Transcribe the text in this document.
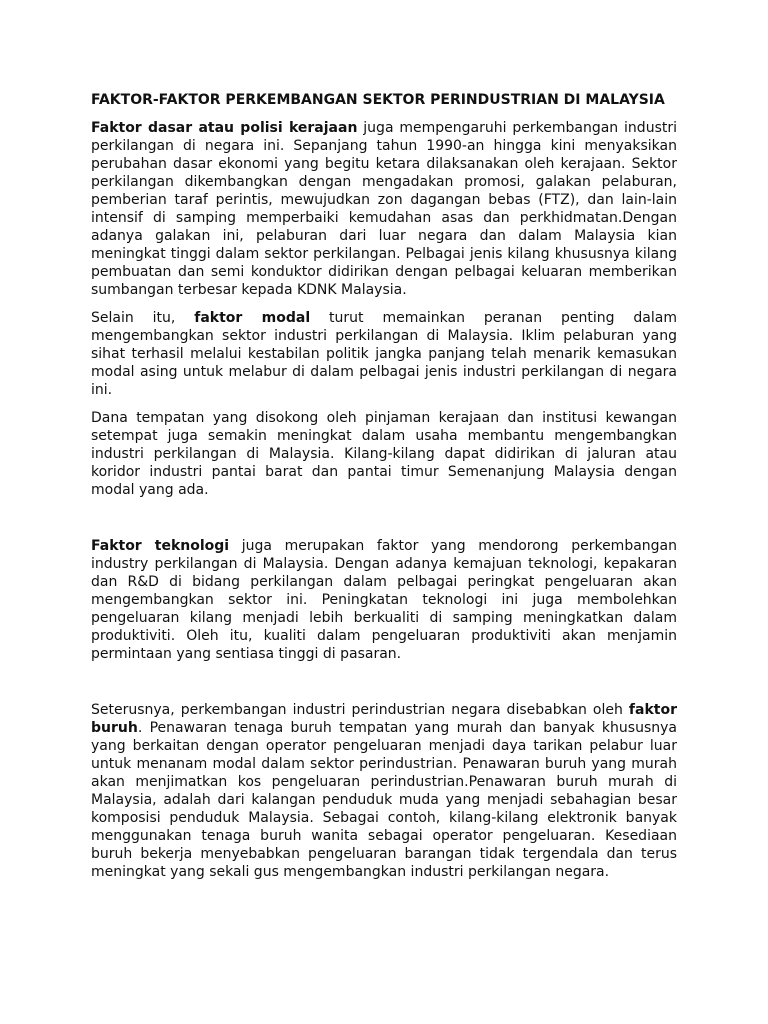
FAKTOR-FAKTOR PERKEMBANGAN SEKTOR PERINDUSTRIAN DI MALAYSIA

Faktor dasar atau polisi kerajaan juga mempengaruhi perkembangan industri perkilangan di negara ini. Sepanjang tahun 1990-an hingga kini menyaksikan perubahan dasar ekonomi yang begitu ketara dilaksanakan oleh kerajaan. Sektor perkilangan dikembangkan dengan mengadakan promosi, galakan pelaburan, pemberian taraf perintis, mewujudkan zon dagangan bebas (FTZ), dan lain-lain intensif di samping memperbaiki kemudahan asas dan perkhidmatan.Dengan adanya galakan ini, pelaburan dari luar negara dan dalam Malaysia kian meningkat tinggi dalam sektor perkilangan. Pelbagai jenis kilang khususnya kilang pembuatan dan semi konduktor didirikan dengan pelbagai keluaran memberikan sumbangan terbesar kepada KDNK Malaysia.

Selain itu, faktor modal turut memainkan peranan penting dalam mengembangkan sektor industri perkilangan di Malaysia. Iklim pelaburan yang sihat terhasil melalui kestabilan politik jangka panjang telah menarik kemasukan modal asing untuk melabur di dalam pelbagai jenis industri perkilangan di negara ini.

Dana tempatan yang disokong oleh pinjaman kerajaan dan institusi kewangan setempat juga semakin meningkat dalam usaha membantu mengembangkan industri perkilangan di Malaysia. Kilang-kilang dapat didirikan di jaluran atau koridor industri pantai barat dan pantai timur Semenanjung Malaysia dengan modal yang ada.

Faktor teknologi juga merupakan faktor yang mendorong perkembangan industry perkilangan di Malaysia. Dengan adanya kemajuan teknologi, kepakaran dan R&D di bidang perkilangan dalam pelbagai peringkat pengeluaran akan mengembangkan sektor ini. Peningkatan teknologi ini juga membolehkan pengeluaran kilang menjadi lebih berkualiti di samping meningkatkan dalam produktiviti. Oleh itu, kualiti dalam pengeluaran produktiviti akan menjamin permintaan yang sentiasa tinggi di pasaran.

Seterusnya, perkembangan industri perindustrian negara disebabkan oleh faktor buruh. Penawaran tenaga buruh tempatan yang murah dan banyak khususnya yang berkaitan dengan operator pengeluaran menjadi daya tarikan pelabur luar untuk menanam modal dalam sektor perindustrian. Penawaran buruh yang murah akan menjimatkan kos pengeluaran perindustrian.Penawaran buruh murah di Malaysia, adalah dari kalangan penduduk muda yang menjadi sebahagian besar komposisi penduduk Malaysia. Sebagai contoh, kilang-kilang elektronik banyak menggunakan tenaga buruh wanita sebagai operator pengeluaran. Kesediaan buruh bekerja menyebabkan pengeluaran barangan tidak tergendala dan terus meningkat yang sekali gus mengembangkan industri perkilangan negara.
